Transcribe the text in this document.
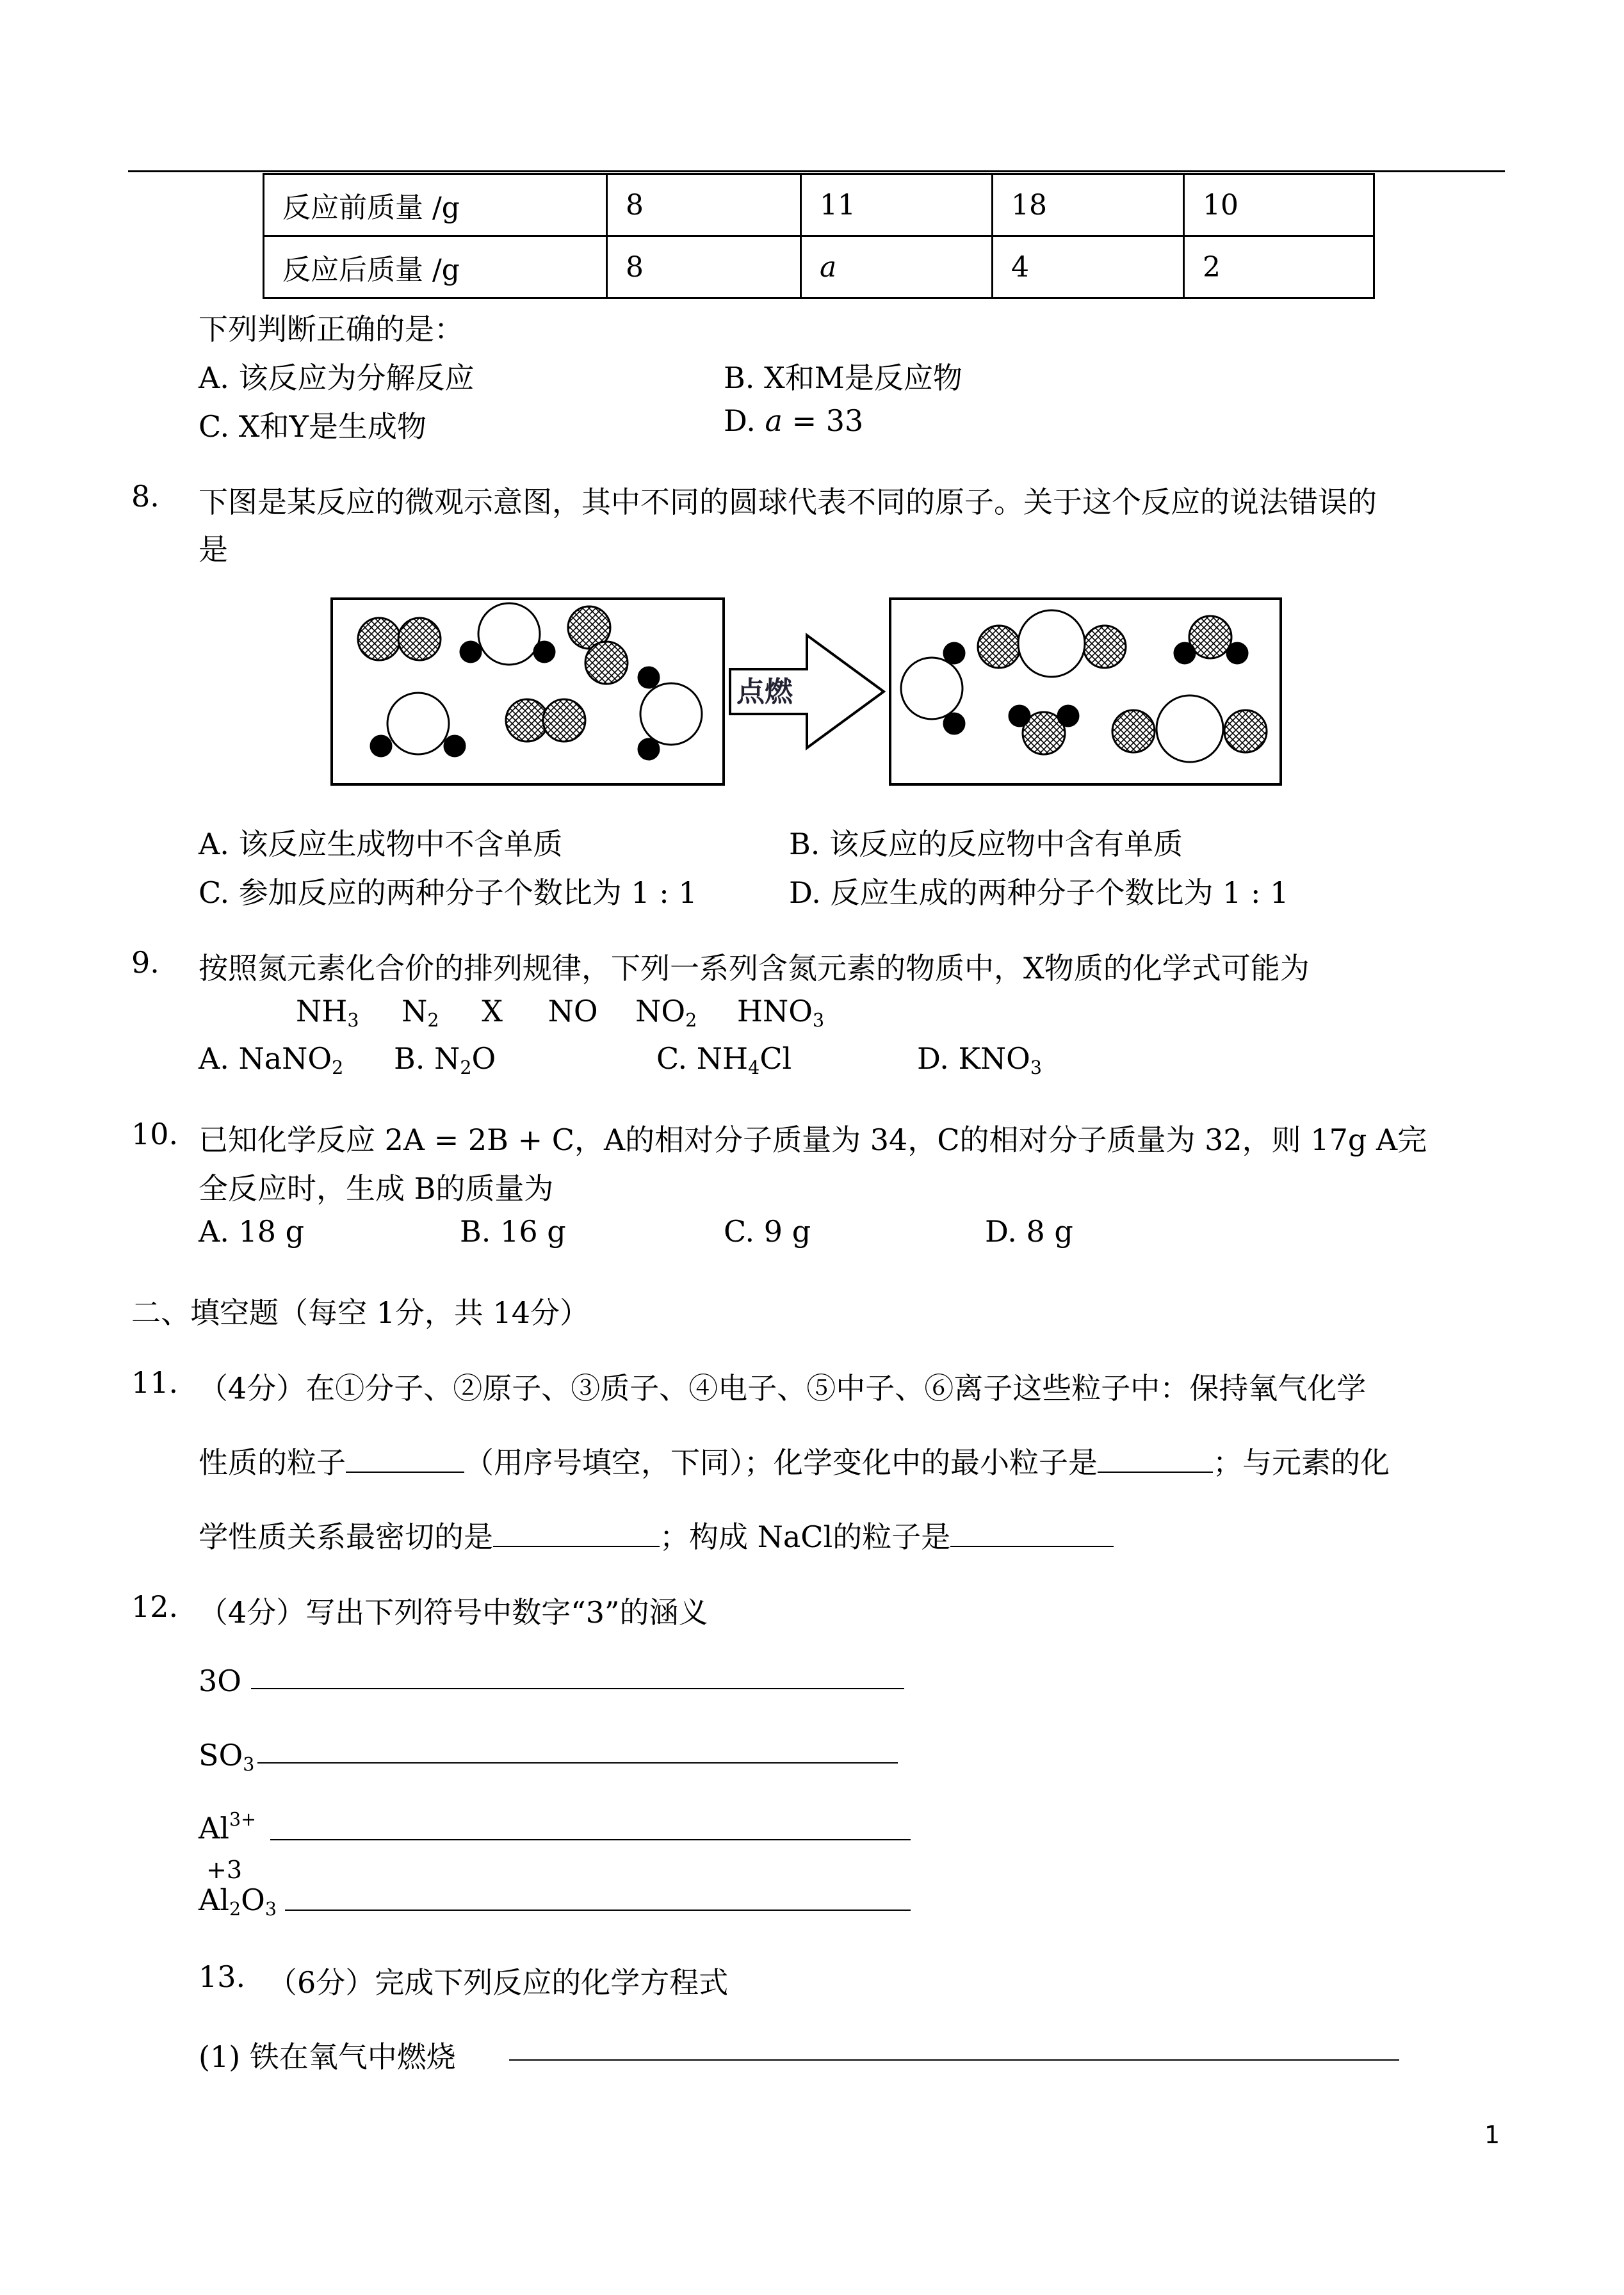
反应前质量 /g	8	11	18	10
反应后质量 /g	8	a	4	2
下列判断正确的是：
A. 该反应为分解反应	B. X和M是反应物
C. X和Y是生成物	D. a = 33
8. 下图是某反应的微观示意图，其中不同的圆球代表不同的原子。关于这个反应的说法错误的
是
点燃
A. 该反应生成物中不含单质	B. 该反应的反应物中含有单质
C. 参加反应的两种分子个数比为 1 : 1	D. 反应生成的两种分子个数比为 1 : 1
9. 按照氮元素化合价的排列规律，下列一系列含氮元素的物质中，X物质的化学式可能为
$NH_3$ $N_2$ X NO $NO_2$ $HNO_3$
A. NaNO$_2$ B. $N_2O$	C. $NH_4Cl$	D. $KNO_3$
10. 已知化学反应 2A = 2B + C，A的相对分子质量为 34，C的相对分子质量为 32，则 17g A完
全反应时，生成 B的质量为
A. 18 g	B. 16 g	C. 9 g	D. 8 g
二、填空题（每空 1分，共 14分）
11. （4分）在①分子、②原子、③质子、④电子、⑤中子、⑥离子这些粒子中：保持氧气化学
性质的粒子	（用序号填空，下同）；化学变化中的最小粒子是	；与元素的化
学性质关系最密切的是	；构成 NaCl的粒子是
12. （4分）写出下列符号中数字“3”的涵义
3O
$SO_3$
$Al^{3+}$
+3
$Al_2O_3$
13. （6分）完成下列反应的化学方程式
(1) 铁在氧气中燃烧
1
